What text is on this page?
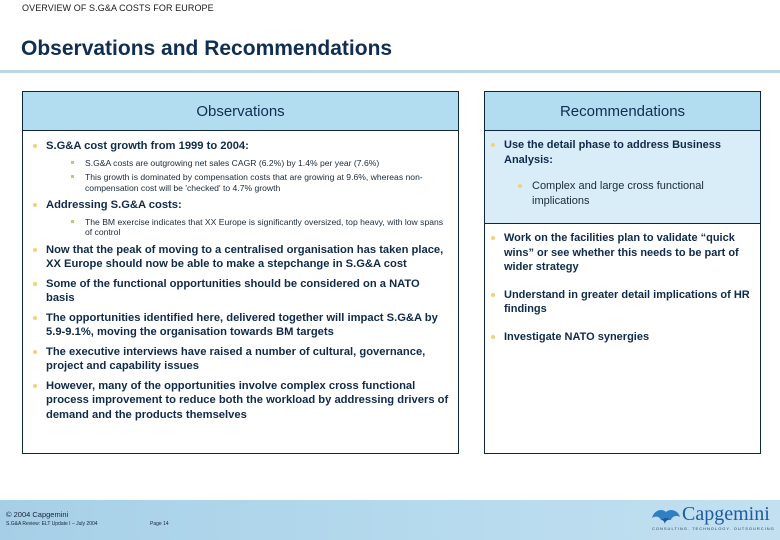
OVERVIEW OF S.G&A COSTS FOR EUROPE
Observations and Recommendations
Observations
S.G&A cost growth from 1999 to 2004:
S.G&A costs are outgrowing net sales CAGR (6.2%) by 1.4% per year (7.6%)
This growth is dominated by compensation costs that are growing at 9.6%, whereas non-compensation cost will be 'checked' to 4.7% growth
Addressing S.G&A costs:
The BM exercise indicates that XX Europe is significantly oversized, top heavy, with low spans of control
Now that the peak of moving to a centralised organisation has taken place, XX Europe should now be able to make a stepchange in S.G&A cost
Some of the functional opportunities should be considered on a NATO basis
The opportunities identified here, delivered together will impact S.G&A by 5.9-9.1%, moving the organisation towards BM targets
The executive interviews have raised a number of cultural, governance, project and capability issues
However, many of the opportunities involve complex cross functional process improvement to reduce both the workload by addressing drivers of demand and the products themselves
Recommendations
Use the detail phase to address Business Analysis:
Complex and large cross functional implications
Work on the facilities plan to validate “quick wins” or see whether this needs to be part of wider strategy
Understand in greater detail implications of HR findings
Investigate NATO synergies
© 2004 Capgemini
S.G&A Review: ELT Update I – July 2004	Page 14	Capgemini
CONSULTING. TECHNOLOGY. OUTSOURCING
